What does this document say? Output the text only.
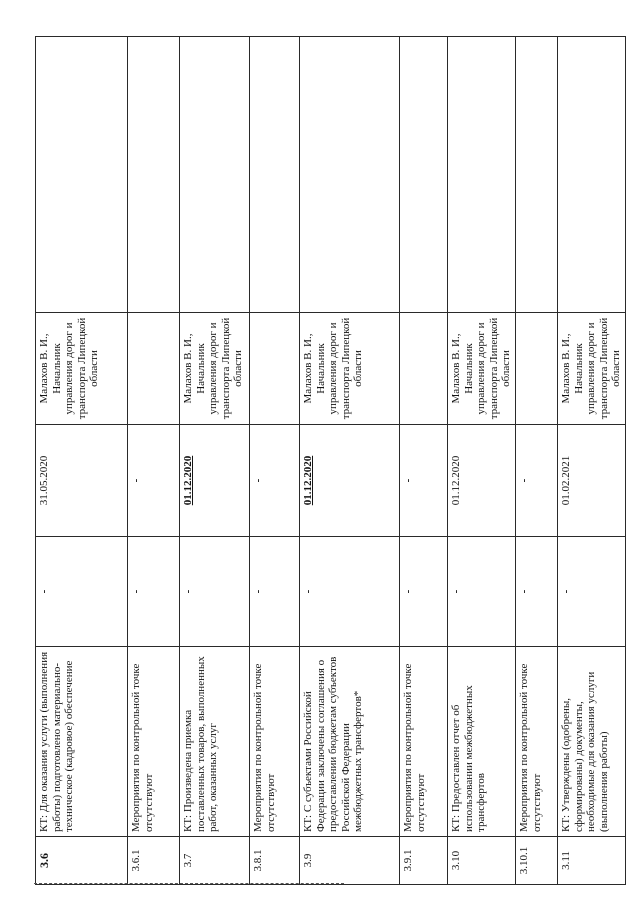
3.6	КТ: Для оказания услуги (выполнения работы) подготовлено материально-техническое (кадровое) обеспечение	-	31.05.2020	Малахов В. И., Начальник управления дорог и транспорта Липецкой области	
3.6.1	Мероприятия по контрольной точке отсутствуют	-	-		
3.7	КТ: Произведена приемка поставленных товаров, выполненных работ, оказанных услуг	-	01.12.2020	Малахов В. И., Начальник управления дорог и транспорта Липецкой области	
3.8.1	Мероприятия по контрольной точке отсутствуют	-	-		
3.9	КТ: С субъектами Российской Федерации заключены соглашения о предоставлении бюджетам субъектов Российской Федерации межбюджетных трансфертов*	-	01.12.2020	Малахов В. И., Начальник управления дорог и транспорта Липецкой области	
3.9.1	Мероприятия по контрольной точке отсутствуют	-	-		
3.10	КТ: Предоставлен отчет об использовании межбюджетных трансфертов	-	01.12.2020	Малахов В. И., Начальник управления дорог и транспорта Липецкой области	
3.10.1	Мероприятия по контрольной точке отсутствуют	-	-		
3.11	КТ: Утверждены (одобрены, сформированы) документы, необходимые для оказания услуги (выполнения работы)	-	01.02.2021	Малахов В. И., Начальник управления дорог и транспорта Липецкой области	
